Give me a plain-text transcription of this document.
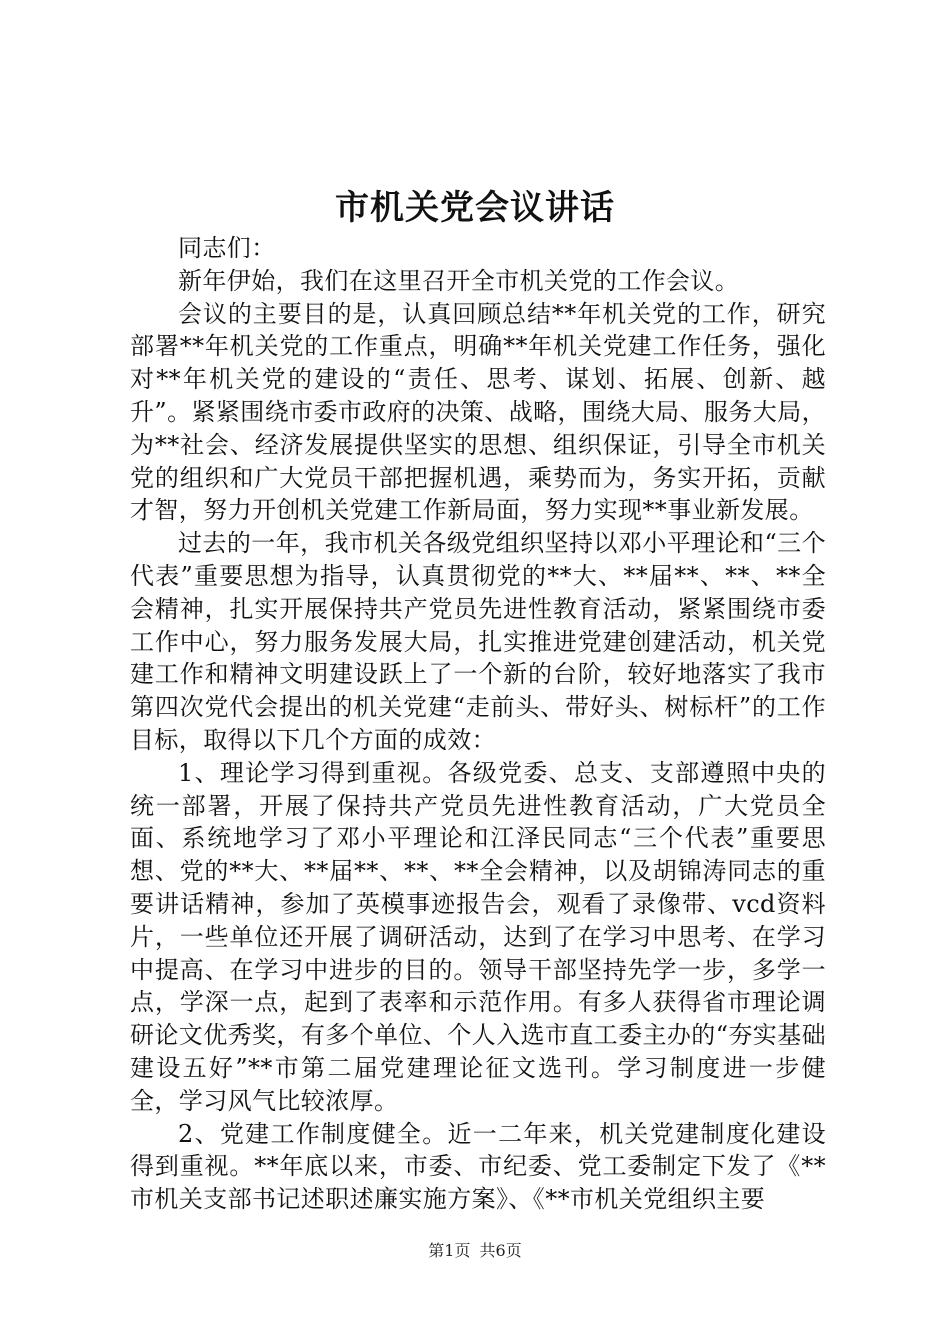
市机关党会议讲话

同志们：

新年伊始，我们在这里召开全市机关党的工作会议。

会议的主要目的是，认真回顾总结**年机关党的工作，研究部署**年机关党的工作重点，明确**年机关党建工作任务，强化对**年机关党的建设的“责任、思考、谋划、拓展、创新、越升”。紧紧围绕市委市政府的决策、战略，围绕大局、服务大局，为**社会、经济发展提供坚实的思想、组织保证，引导全市机关党的组织和广大党员干部把握机遇，乘势而为，务实开拓，贡献才智，努力开创机关党建工作新局面，努力实现**事业新发展。

过去的一年，我市机关各级党组织坚持以邓小平理论和“三个代表”重要思想为指导，认真贯彻党的**大、**届**、**、**全会精神，扎实开展保持共产党员先进性教育活动，紧紧围绕市委工作中心，努力服务发展大局，扎实推进党建创建活动，机关党建工作和精神文明建设跃上了一个新的台阶，较好地落实了我市第四次党代会提出的机关党建“走前头、带好头、树标杆”的工作目标，取得以下几个方面的成效：

1、理论学习得到重视。各级党委、总支、支部遵照中央的统一部署，开展了保持共产党员先进性教育活动，广大党员全面、系统地学习了邓小平理论和江泽民同志“三个代表”重要思想、党的**大、**届**、**、**全会精神，以及胡锦涛同志的重要讲话精神，参加了英模事迹报告会，观看了录像带、vcd资料片，一些单位还开展了调研活动，达到了在学习中思考、在学习中提高、在学习中进步的目的。领导干部坚持先学一步，多学一点，学深一点，起到了表率和示范作用。有多人获得省市理论调研论文优秀奖，有多个单位、个人入选市直工委主办的“夯实基础建设五好”**市第二届党建理论征文选刊。学习制度进一步健全，学习风气比较浓厚。

2、党建工作制度健全。近一二年来，机关党建制度化建设得到重视。**年底以来，市委、市纪委、党工委制定下发了《**市机关支部书记述职述廉实施方案》、《**市机关党组织主要

第1页 共6页
